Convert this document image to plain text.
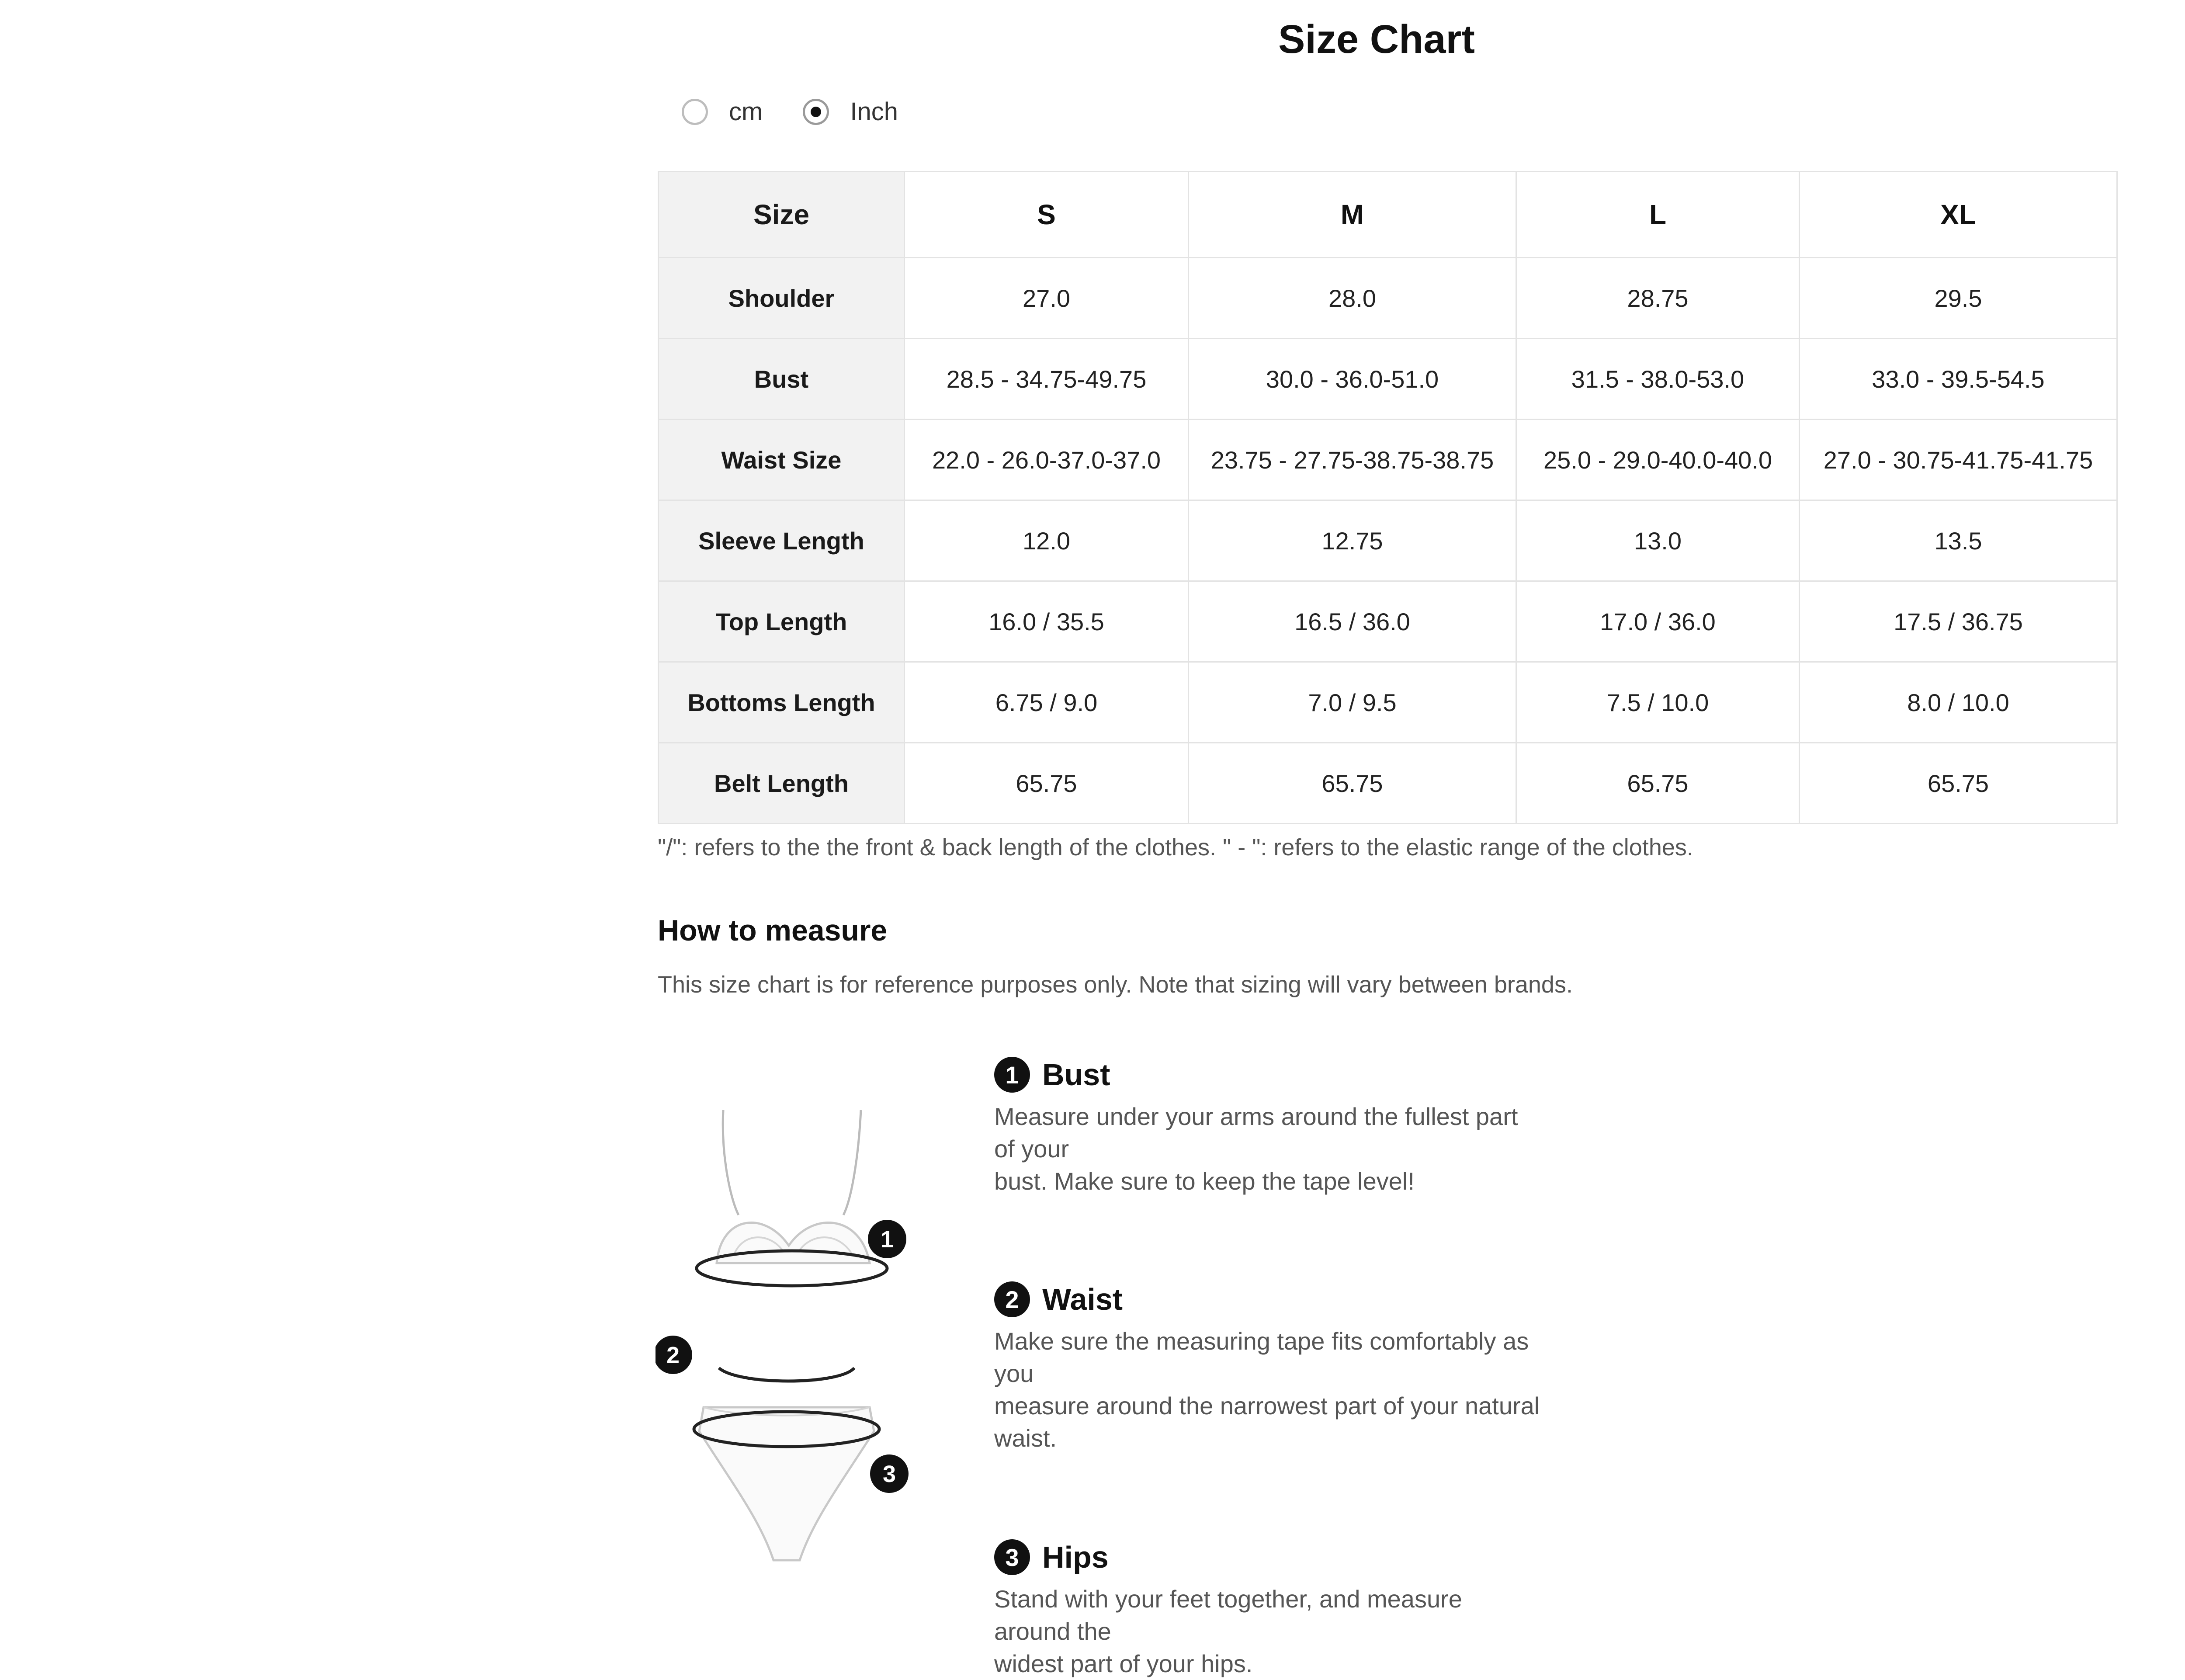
Size Chart
cm	Inch
Size	S	M	L	XL
Shoulder	27.0	28.0	28.75	29.5
Bust	28.5 - 34.75-49.75	30.0 - 36.0-51.0	31.5 - 38.0-53.0	33.0 - 39.5-54.5
Waist Size	22.0 - 26.0-37.0-37.0	23.75 - 27.75-38.75-38.75	25.0 - 29.0-40.0-40.0	27.0 - 30.75-41.75-41.75
Sleeve Length	12.0	12.75	13.0	13.5
Top Length	16.0 / 35.5	16.5 / 36.0	17.0 / 36.0	17.5 / 36.75
Bottoms Length	6.75 / 9.0	7.0 / 9.5	7.5 / 10.0	8.0 / 10.0
Belt Length	65.75	65.75	65.75	65.75
"/": refers to the the front & back length of the clothes. " - ": refers to the elastic range of the clothes.
How to measure
This size chart is for reference purposes only. Note that sizing will vary between brands.
1
2
3
1 Bust
Measure under your arms around the fullest part of your
bust. Make sure to keep the tape level!
2 Waist
Make sure the measuring tape fits comfortably as you
measure around the narrowest part of your natural
waist.
3 Hips
Stand with your feet together, and measure around the
widest part of your hips.
